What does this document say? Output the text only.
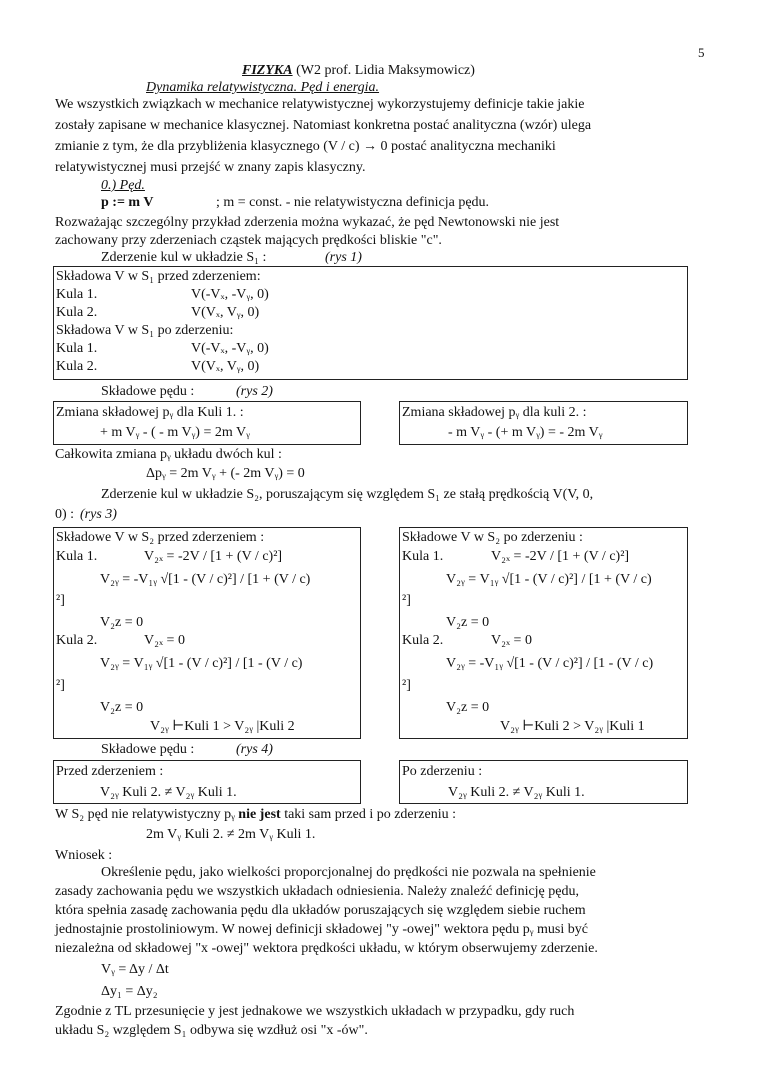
5
FIZYKA (W2 prof. Lidia Maksymowicz)
Dynamika relatywistyczna. Pęd i energia.
We wszystkich związkach w mechanice relatywistycznej wykorzystujemy definicje takie jakie
zostały zapisane w mechanice klasycznej. Natomiast konkretna postać analityczna (wzór) ulega
zmianie z tym, że dla przybliżenia klasycznego (V / c) → 0 postać analityczna mechaniki
relatywistycznej musi przejść w znany zapis klasyczny.
0.) Pęd.
p := m V	; m = const. - nie relatywistyczna definicja pędu.
Rozważając szczególny przykład zderzenia można wykazać, że pęd Newtonowski nie jest
zachowany przy zderzeniach cząstek mających prędkości bliskie "c".
Zderzenie kul w układzie S₁ :	(rys 1)
Składowa V w S₁ przed zderzeniem:
Kula 1.	V(-Vₓ, -Vᵧ, 0)
Kula 2.	V(Vₓ, Vᵧ, 0)
Składowa V w S₁ po zderzeniu:
Kula 1.	V(-Vₓ, -Vᵧ, 0)
Kula 2.	V(Vₓ, Vᵧ, 0)
Składowe pędu :	(rys 2)
Zmiana składowej pᵧ dla Kuli 1. :
+ m Vᵧ - ( - m Vᵧ) = 2m Vᵧ
Zmiana składowej pᵧ dla kuli 2. :
- m Vᵧ - (+ m Vᵧ) = - 2m Vᵧ
Całkowita zmiana pᵧ układu dwóch kul :
Δpᵧ = 2m Vᵧ + (- 2m Vᵧ) = 0
Zderzenie kul w układzie S₂, poruszającym się względem S₁ ze stałą prędkością V(V, 0,
0) : (rys 3)
Składowe V w S₂ przed zderzeniem :
Kula 1.	V₂ₓ = -2V / [1 + (V / c)²]
V₂ᵧ = -V₁ᵧ √[1 - (V / c)²] / [1 + (V / c)
²]
V₂z = 0
Kula 2.	V₂ₓ = 0
V₂ᵧ = V₁ᵧ √[1 - (V / c)²] / [1 - (V / c)
²]
V₂z = 0
V₂ᵧ ⊢Kuli 1 > V₂ᵧ |Kuli 2
Składowe V w S₂ po zderzeniu :
Kula 1.	V₂ₓ = -2V / [1 + (V / c)²]
V₂ᵧ = V₁ᵧ √[1 - (V / c)²] / [1 + (V / c)
²]
V₂z = 0
Kula 2.	V₂ₓ = 0
V₂ᵧ = -V₁ᵧ √[1 - (V / c)²] / [1 - (V / c)
²]
V₂z = 0
V₂ᵧ ⊢Kuli 2 > V₂ᵧ |Kuli 1
Składowe pędu :	(rys 4)
Przed zderzeniem :
V₂ᵧ Kuli 2. ≠ V₂ᵧ Kuli 1.
Po zderzeniu :
V₂ᵧ Kuli 2. ≠ V₂ᵧ Kuli 1.
W S₂ pęd nie relatywistyczny pᵧ nie jest taki sam przed i po zderzeniu :
2m Vᵧ Kuli 2. ≠ 2m Vᵧ Kuli 1.
Wniosek :
Określenie pędu, jako wielkości proporcjonalnej do prędkości nie pozwala na spełnienie
zasady zachowania pędu we wszystkich układach odniesienia. Należy znaleźć definicję pędu,
która spełnia zasadę zachowania pędu dla układów poruszających się względem siebie ruchem
jednostajnie prostoliniowym. W nowej definicji składowej "y -owej" wektora pędu pᵧ musi być
niezależna od składowej "x -owej" wektora prędkości układu, w którym obserwujemy zderzenie.
Vᵧ = Δy / Δt
Δy₁ = Δy₂
Zgodnie z TL przesunięcie y jest jednakowe we wszystkich układach w przypadku, gdy ruch
układu S₂ względem S₁ odbywa się wzdłuż osi "x -ów".
